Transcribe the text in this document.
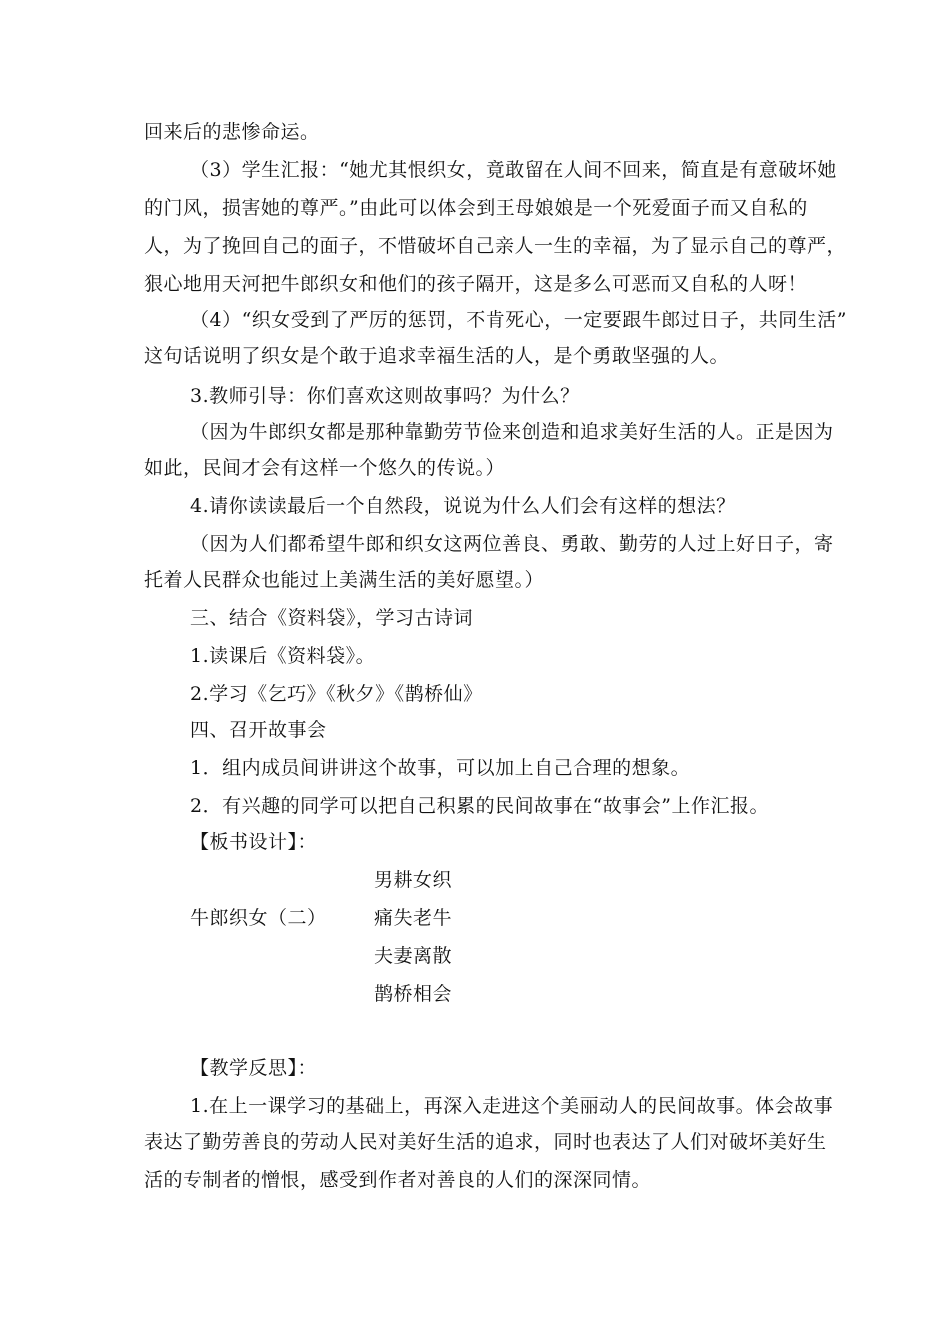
回来后的悲惨命运。
（3）学生汇报：“她尤其恨织女，竟敢留在人间不回来，简直是有意破坏她
的门风，损害她的尊严。”由此可以体会到王母娘娘是一个死爱面子而又自私的
人，为了挽回自己的面子，不惜破坏自己亲人一生的幸福，为了显示自己的尊严，
狠心地用天河把牛郎织女和他们的孩子隔开，这是多么可恶而又自私的人呀！
（4）“织女受到了严厉的惩罚，不肯死心，一定要跟牛郎过日子，共同生活”
这句话说明了织女是个敢于追求幸福生活的人，是个勇敢坚强的人。
3.教师引导：你们喜欢这则故事吗？为什么？
（因为牛郎织女都是那种靠勤劳节俭来创造和追求美好生活的人。正是因为
如此，民间才会有这样一个悠久的传说。）
4.请你读读最后一个自然段，说说为什么人们会有这样的想法？
（因为人们都希望牛郎和织女这两位善良、勇敢、勤劳的人过上好日子，寄
托着人民群众也能过上美满生活的美好愿望。）
三、结合《资料袋》，学习古诗词
1.读课后《资料袋》。
2.学习《乞巧》《秋夕》《鹊桥仙》
四、召开故事会
1．组内成员间讲讲这个故事，可以加上自己合理的想象。
2．有兴趣的同学可以把自己积累的民间故事在“故事会”上作汇报。
【板书设计】：
牛郎织女（二）
男耕女织
痛失老牛
夫妻离散
鹊桥相会
【教学反思】：
1.在上一课学习的基础上，再深入走进这个美丽动人的民间故事。体会故事
表达了勤劳善良的劳动人民对美好生活的追求，同时也表达了人们对破坏美好生
活的专制者的憎恨，感受到作者对善良的人们的深深同情。
